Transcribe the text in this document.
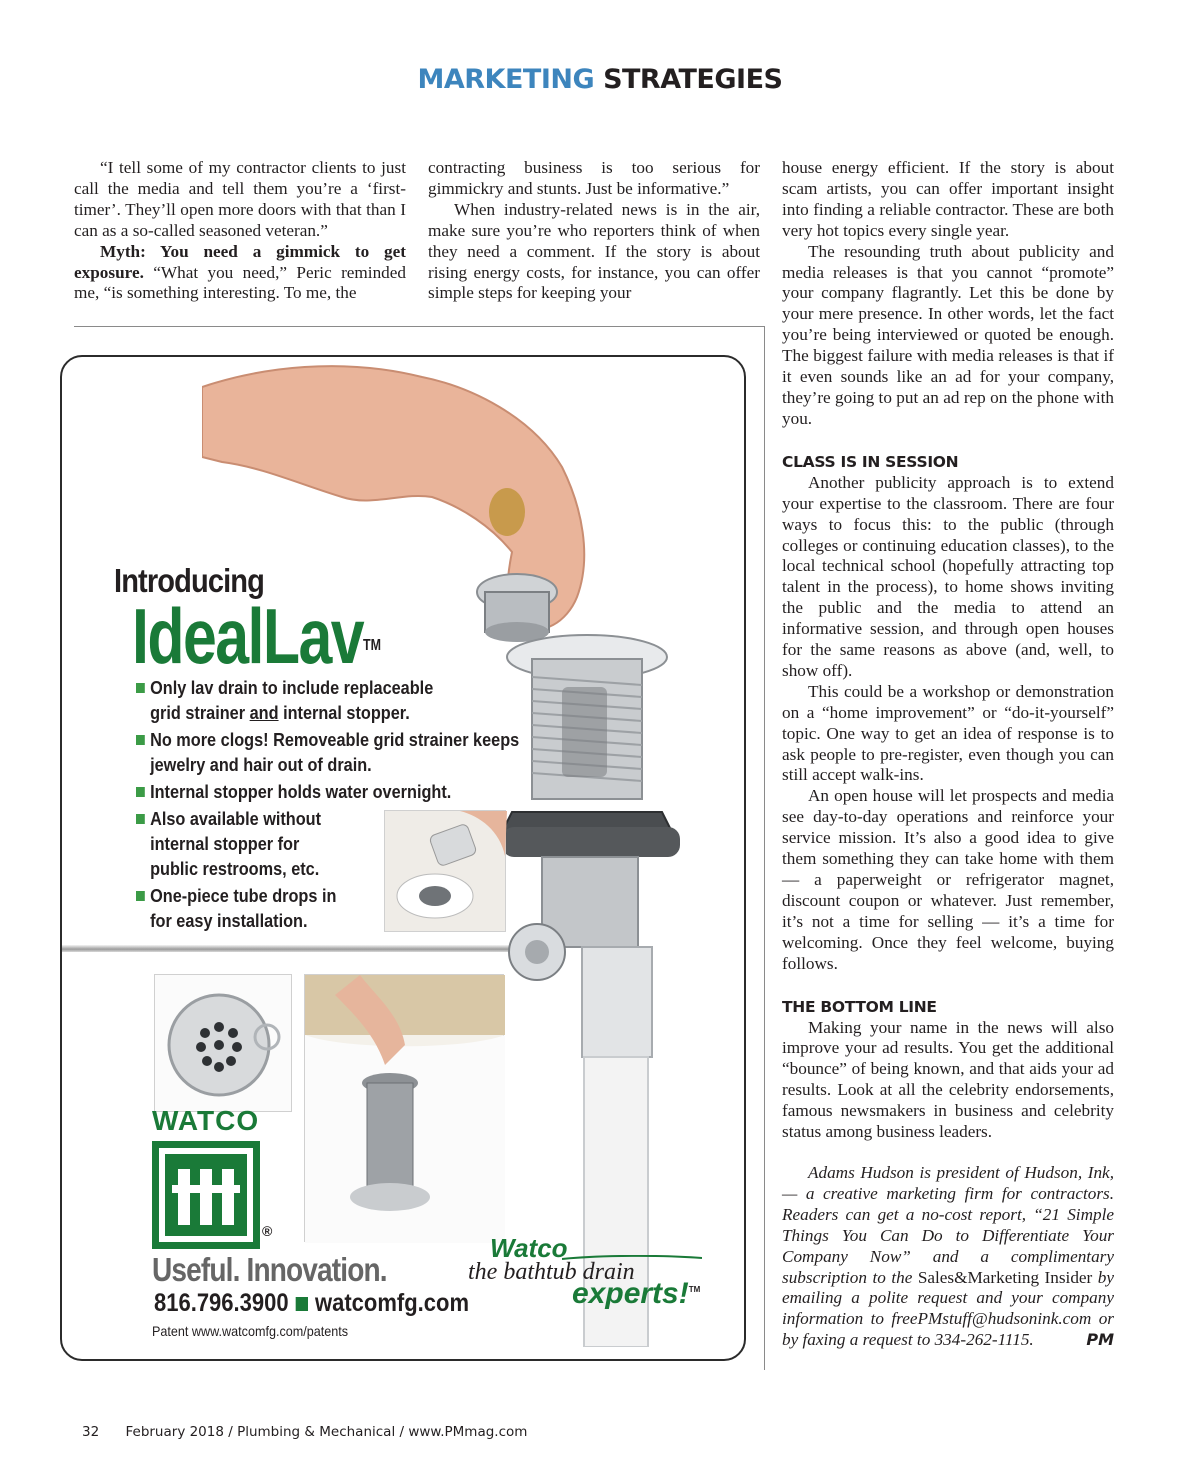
MARKETING STRATEGIES

“I tell some of my contractor clients to just call the media and tell them you’re a ‘first-timer’. They’ll open more doors with that than I can as a so-called seasoned veteran.”

Myth: You need a gimmick to get exposure. “What you need,” Peric reminded me, “is something interesting. To me, the

contracting business is too serious for gimmickry and stunts. Just be informative.”

When industry-related news is in the air, make sure you’re who reporters think of when they need a comment. If the story is about rising energy costs, for instance, you can offer simple steps for keeping your

house energy efficient. If the story is about scam artists, you can offer important insight into finding a reliable contractor. These are both very hot topics every single year.

The resounding truth about publicity and media releases is that you cannot “promote” your company flagrantly. Let this be done by your mere presence. In other words, let the fact you’re being interviewed or quoted be enough. The biggest failure with media releases is that if it even sounds like an ad for your company, they’re going to put an ad rep on the phone with you.

CLASS IS IN SESSION

Another publicity approach is to extend your expertise to the classroom. There are four ways to focus this: to the public (through colleges or continuing education classes), to the local technical school (hopefully attracting top talent in the process), to home shows inviting the public and the media to attend an informative session, and through open houses for the same reasons as above (and, well, to show off).

This could be a workshop or demonstration on a “home improvement” or “do-it-yourself” topic. One way to get an idea of response is to ask people to pre-register, even though you can still accept walk-ins.

An open house will let prospects and media see day-to-day operations and reinforce your service mission. It’s also a good idea to give them something they can take home with them — a paperweight or refrigerator magnet, discount coupon or whatever. Just remember, it’s not a time for selling — it’s a time for welcoming. Once they feel welcome, buying follows.

THE BOTTOM LINE

Making your name in the news will also improve your ad results. You get the additional “bounce” of being known, and that aids your ad results. Look at all the celebrity endorsements, famous newsmakers in business and celebrity status among business leaders.

Adams Hudson is president of Hudson, Ink, — a creative marketing firm for contractors. Readers can get a no-cost report, “21 Simple Things You Can Do to Differentiate Your Company Now” and a complimentary subscription to the Sales&Marketing Insider by emailing a polite request and your company information to freePMstuff@hudsonink.com or by faxing a request to 334-262-1115.	PM

Introducing
IdealLav™
Only lav drain to include replaceable
grid strainer and internal stopper.
No more clogs! Removeable grid strainer keeps
jewelry and hair out of drain.
Internal stopper holds water overnight.
Also available without
internal stopper for
public restrooms, etc.
One-piece tube drops in
for easy installation.
WATCO
®
Useful. Innovation.
816.796.3900 watcomfg.com
Patent www.watcomfg.com/patents
Watco
the bathtub drain
experts!™
32 February 2018 / Plumbing & Mechanical / www.PMmag.com
